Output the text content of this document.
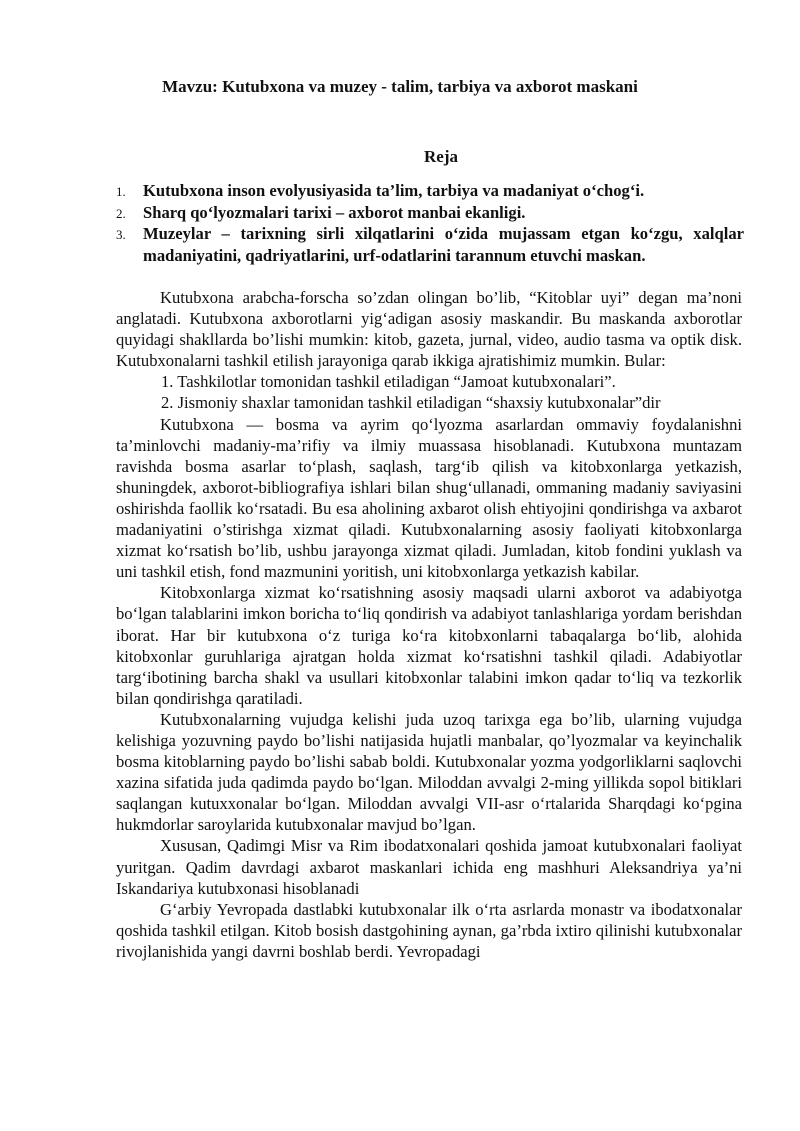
Mavzu: Kutubxona va muzey - talim, tarbiya va axborot maskani
Reja
1. Kutubxona inson evolyusiyasida ta’lim, tarbiya va madaniyat o‘chog‘i.
2. Sharq qo‘lyozmalari tarixi – axborot manbai ekanligi.
3. Muzeylar – tarixning sirli xilqatlarini o‘zida mujassam etgan ko‘zgu, xalqlar madaniyatini, qadriyatlarini, urf-odatlarini tarannum etuvchi maskan.

Kutubxona arabcha-forscha so’zdan olingan bo’lib, “Kitoblar uyi” degan ma’noni anglatadi. Kutubxona axborotlarni yig‘adigan asosiy maskandir. Bu maskanda axborotlar quyidagi shakllarda bo’lishi mumkin: kitob, gazeta, jurnal, video, audio tasma va optik disk. Kutubxonalarni tashkil etilish jarayoniga qarab ikkiga ajratishimiz mumkin. Bular:

1. Tashkilotlar tomonidan tashkil etiladigan “Jamoat kutubxonalari”.
2. Jismoniy shaxlar tamonidan tashkil etiladigan “shaxsiy kutubxonalar”dir

Kutubxona — bosma va ayrim qo‘lyozma asarlardan ommaviy foydalanishni ta’minlovchi madaniy-ma’rifiy va ilmiy muassasa hisoblanadi. Kutubxona muntazam ravishda bosma asarlar to‘plash, saqlash, targ‘ib qilish va kitobxonlarga yetkazish, shuningdek, axborot-bibliografiya ishlari bilan shug‘ullanadi, ommaning madaniy saviyasini oshirishda faollik ko‘rsatadi. Bu esa aholining axbarot olish ehtiyojini qondirishga va axbarot madaniyatini o’stirishga xizmat qiladi. Kutubxonalarning asosiy faoliyati kitobxonlarga xizmat ko‘rsatish bo’lib, ushbu jarayonga xizmat qiladi. Jumladan, kitob fondini yuklash va uni tashkil etish, fond mazmunini yoritish, uni kitobxonlarga yetkazish kabilar.

Kitobxonlarga xizmat ko‘rsatishning asosiy maqsadi ularni axborot va adabiyotga bo‘lgan talablarini imkon boricha to‘liq qondirish va adabiyot tanlashlariga yordam berishdan iborat. Har bir kutubxona o‘z turiga ko‘ra kitobxonlarni tabaqalarga bo‘lib, alohida kitobxonlar guruhlariga ajratgan holda xizmat ko‘rsatishni tashkil qiladi. Adabiyotlar targ‘ibotining barcha shakl va usullari kitobxonlar talabini imkon qadar to‘liq va tezkorlik bilan qondirishga qaratiladi.

Kutubxonalarning vujudga kelishi juda uzoq tarixga ega bo’lib, ularning vujudga kelishiga yozuvning paydo bo’lishi natijasida hujatli manbalar, qo’lyozmalar va keyinchalik bosma kitoblarning paydo bo’lishi sabab boldi. Kutubxonalar yozma yodgorliklarni saqlovchi xazina sifatida juda qadimda paydo bo‘lgan. Miloddan avvalgi 2-ming yillikda sopol bitiklari saqlangan kutuxxonalar bo‘lgan. Miloddan avvalgi VII-asr o‘rtalarida Sharqdagi ko‘pgina hukmdorlar saroylarida kutubxonalar mavjud bo’lgan.

Xususan, Qadimgi Misr va Rim ibodatxonalari qoshida jamoat kutubxonalari faoliyat yuritgan. Qadim davrdagi axbarot maskanlari ichida eng mashhuri Aleksandriya ya’ni Iskandariya kutubxonasi hisoblanadi

G‘arbiy Yevropada dastlabki kutubxonalar ilk o‘rta asrlarda monastr va ibodatxonalar qoshida tashkil etilgan. Kitob bosish dastgohining aynan, ga’rbda ixtiro qilinishi kutubxonalar rivojlanishida yangi davrni boshlab berdi. Yevropadagi
